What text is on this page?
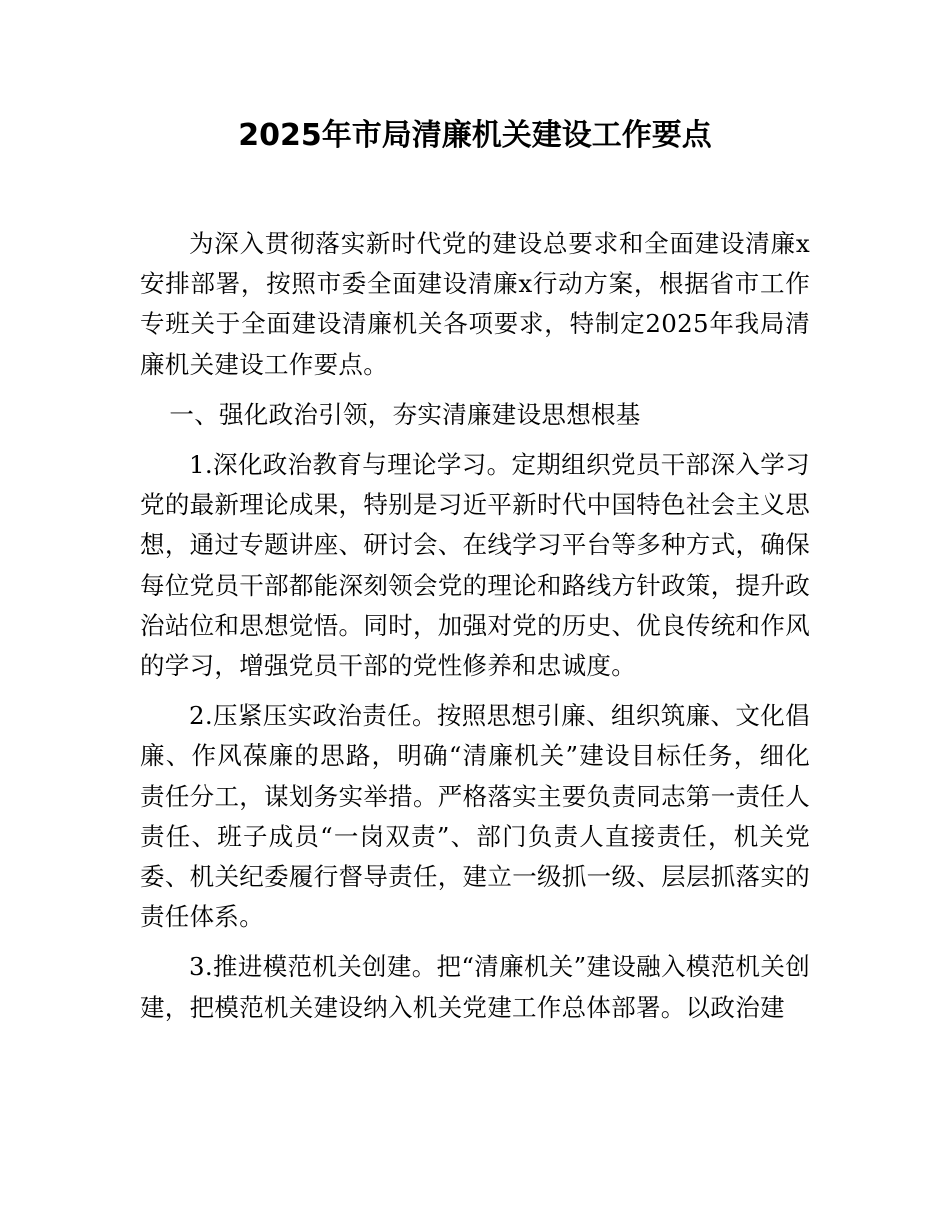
2025年市局清廉机关建设工作要点

为深入贯彻落实新时代党的建设总要求和全面建设清廉x安排部署，按照市委全面建设清廉x行动方案，根据省市工作专班关于全面建设清廉机关各项要求，特制定2025年我局清廉机关建设工作要点。

一、强化政治引领，夯实清廉建设思想根基

1.深化政治教育与理论学习。定期组织党员干部深入学习党的最新理论成果，特别是习近平新时代中国特色社会主义思想，通过专题讲座、研讨会、在线学习平台等多种方式，确保每位党员干部都能深刻领会党的理论和路线方针政策，提升政治站位和思想觉悟。同时，加强对党的历史、优良传统和作风的学习，增强党员干部的党性修养和忠诚度。

2.压紧压实政治责任。按照思想引廉、组织筑廉、文化倡廉、作风葆廉的思路，明确“清廉机关”建设目标任务，细化责任分工，谋划务实举措。严格落实主要负责同志第一责任人责任、班子成员“一岗双责”、部门负责人直接责任，机关党委、机关纪委履行督导责任，建立一级抓一级、层层抓落实的责任体系。

3.推进模范机关创建。把“清廉机关”建设融入模范机关创建，把模范机关建设纳入机关党建工作总体部署。以政治建
